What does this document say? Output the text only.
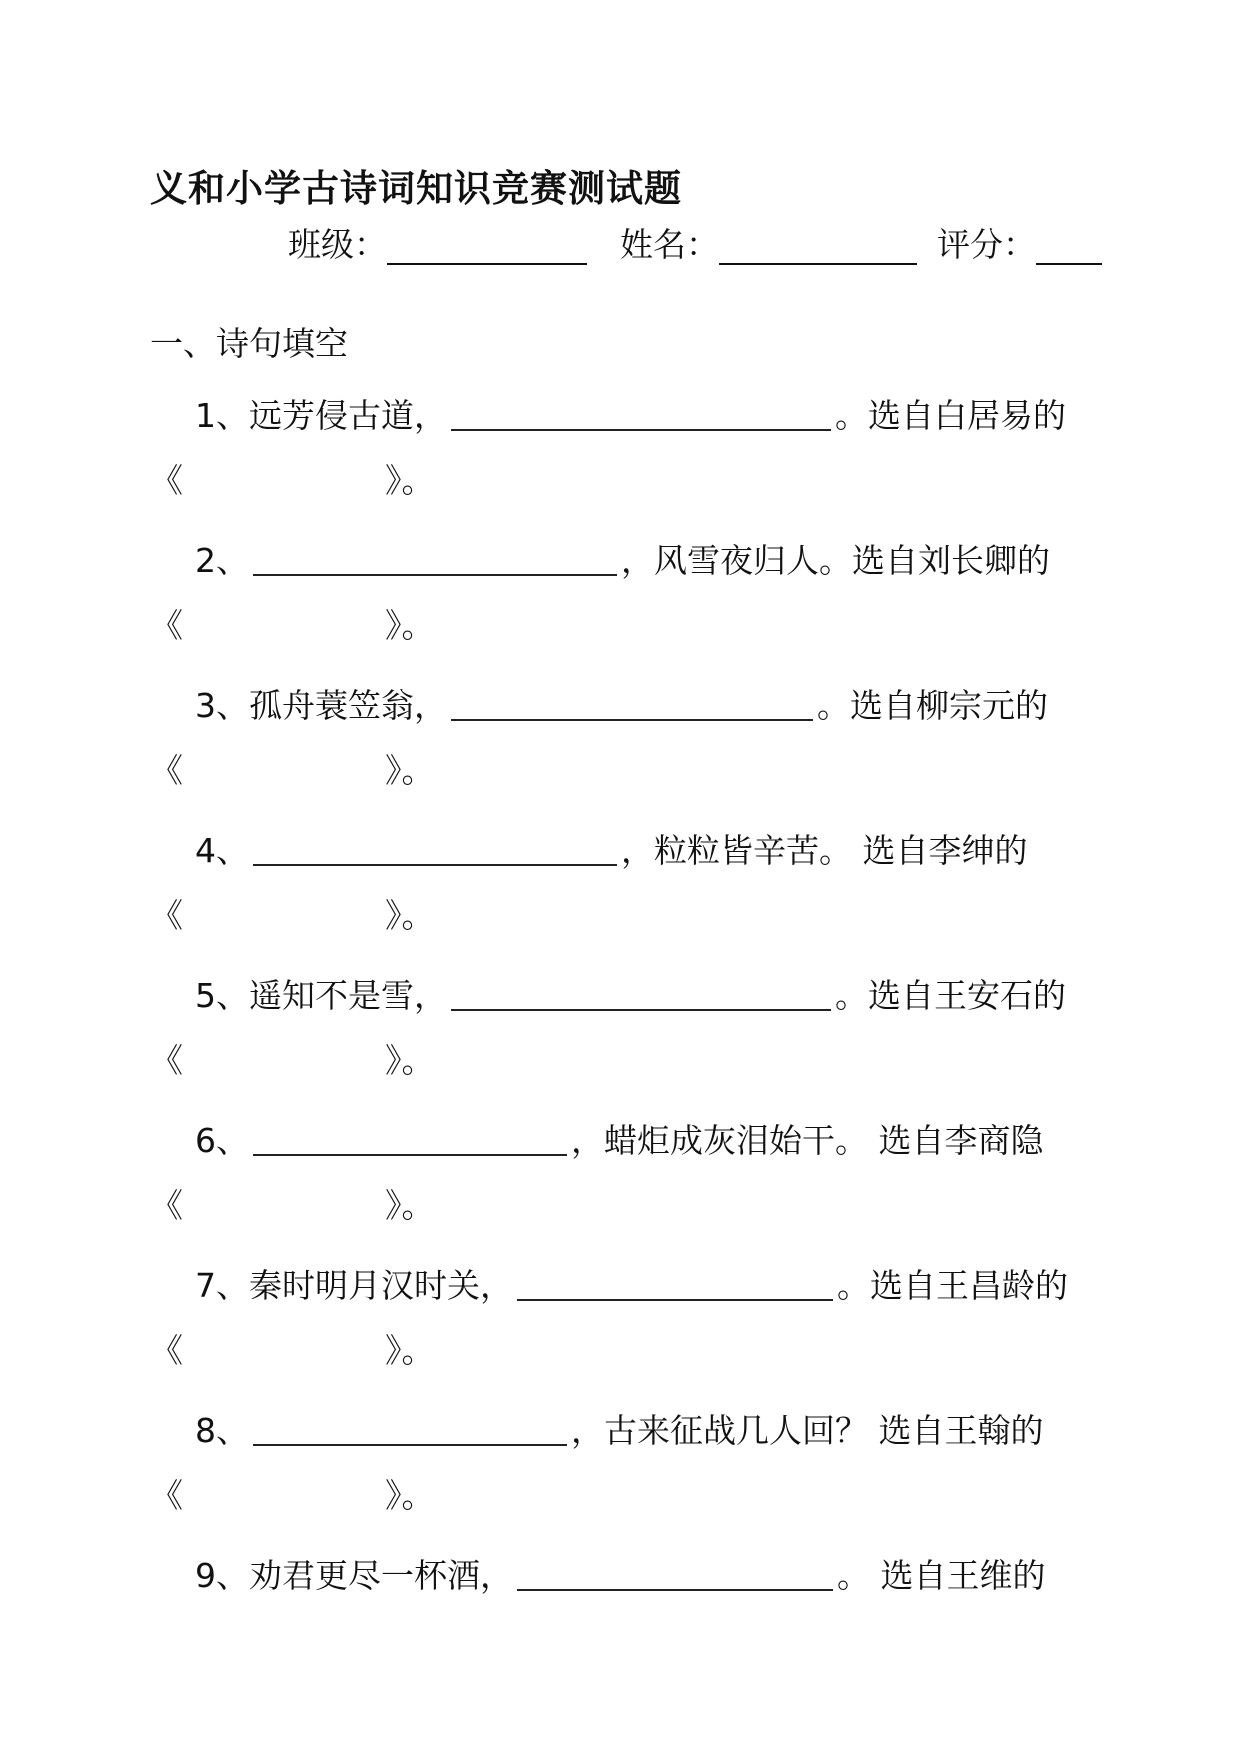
义和小学古诗词知识竞赛测试题
班级：	姓名：	评分：
一、诗句填空
1、远芳侵古道，	。选自白居易的
《	》。
2、	，风雪夜归人。选自刘长卿的
《	》。
3、孤舟蓑笠翁，	。选自柳宗元的
《	》。
4、	，粒粒皆辛苦。 选自李绅的
《	》。
5、遥知不是雪，	。选自王安石的
《	》。
6、	，蜡炬成灰泪始干。 选自李商隐
《	》。
7、秦时明月汉时关，	。选自王昌龄的
《	》。
8、	，古来征战几人回？ 选自王翰的
《	》。
9、劝君更尽一杯酒，	。 选自王维的
